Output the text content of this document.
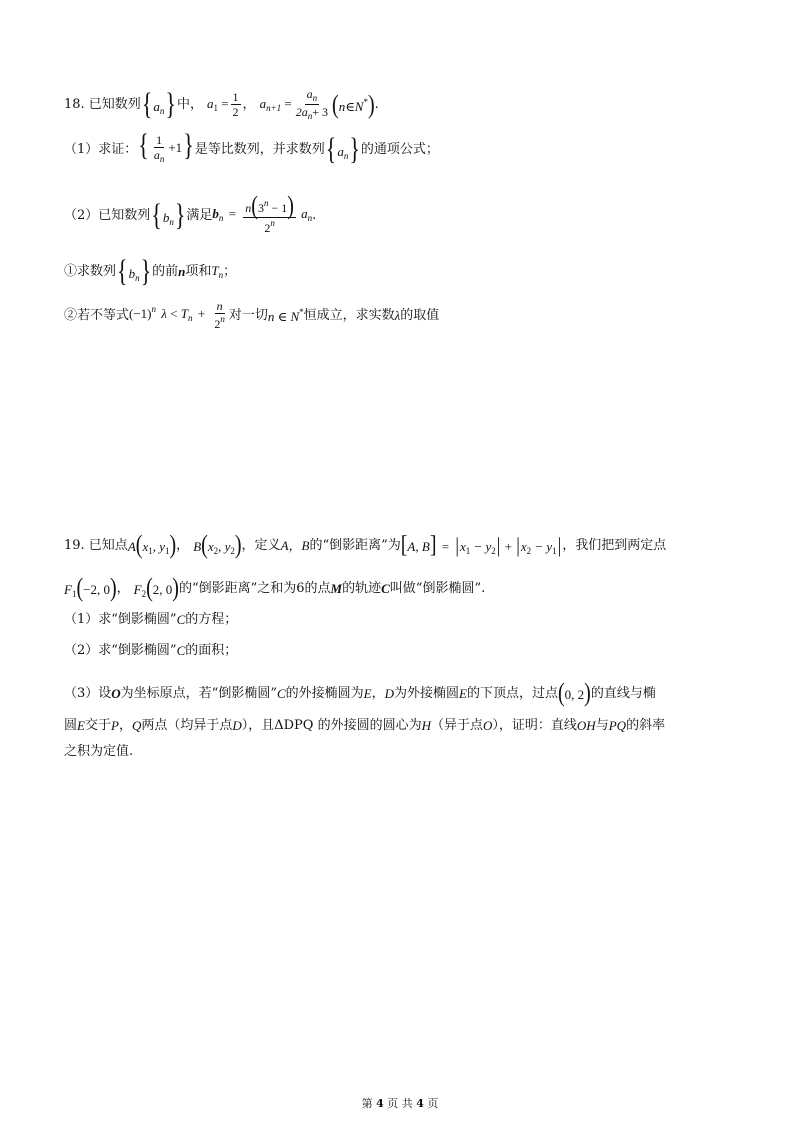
18. 已知数列 $\{a_n\}$ 中， $a_1 = \frac{1}{2}$ ， $a_{n+1} = \frac{a_n}{2a_n+ 3}$ (n∈N*) .
（1）求证： { $\frac{1}{a_n} +1$} 是等比数列，并求数列 $\{a_n\}$ 的通项公式；
（2）已知数列 $\{b_n\}$ 满足 $b_n = \frac{n(3^n - 1)}{2^n} a_n$ .
①求数列 $\{b_n\}$ 的前 n 项和 $T_n$ ；
②若不等式 $(-1)^n$ $\lambda < T_n + \frac{n}{2^n}$ 对一切 n ∈ N* 恒成立，求实数 λ 的取值
19. 已知点 $A(x_1$, $y_1$) ， $B(x_2$, $y_2$) ，定义 A，B 的“倒影距离”为 [A, $B] = |x_1 - y_2| + |x_2 - y_1|$ ，我们把到两定点
$F_1(-2$, 0) ， $F_2(2$, 0) 的“倒影距离”之和为 6 的点 M 的轨迹 C 叫做“倒影椭圆”.
（1）求“倒影椭圆” C 的方程；
（2）求“倒影椭圆” C 的面积；
（3）设 O 为坐标原点，若“倒影椭圆” C 的外接椭圆为 E ， D 为外接椭圆 E 的下顶点，过点 (0, 2) 的直线与椭
圆 E 交于 P ， Q 两点（均异于点 D ），且ΔDPQ 的外接圆的圆心为 H （异于点 O ），证明：直线 OH 与 PQ 的斜率
之积为定值.
第 4 页 共 4 页
